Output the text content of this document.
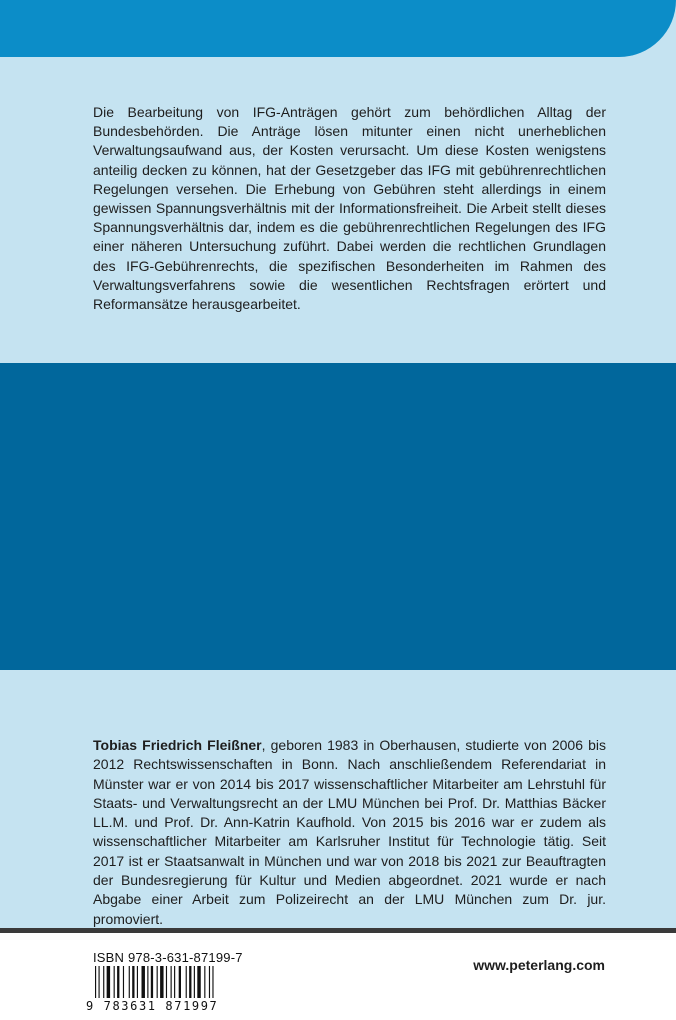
Die Bearbeitung von IFG-Anträgen gehört zum behördlichen Alltag der Bundesbehörden. Die Anträge lösen mitunter einen nicht unerheblichen Verwaltungsaufwand aus, der Kosten verursacht. Um diese Kosten wenigstens anteilig decken zu können, hat der Gesetzgeber das IFG mit gebührenrechtlichen Regelungen versehen. Die Erhebung von Gebühren steht allerdings in einem gewissen Spannungsverhältnis mit der Informationsfreiheit. Die Arbeit stellt dieses Spannungsverhältnis dar, indem es die gebührenrechtlichen Regelungen des IFG einer näheren Untersuchung zuführt. Dabei werden die rechtlichen Grundlagen des IFG-Gebührenrechts, die spezifischen Besonderheiten im Rahmen des Verwaltungsverfahrens sowie die wesentlichen Rechtsfragen erörtert und Reformansätze herausgearbeitet.

Tobias Friedrich Fleißner, geboren 1983 in Oberhausen, studierte von 2006 bis 2012 Rechtswissenschaften in Bonn. Nach anschließendem Referendariat in Münster war er von 2014 bis 2017 wissenschaftlicher Mitarbeiter am Lehrstuhl für Staats- und Verwaltungsrecht an der LMU München bei Prof. Dr. Matthias Bäcker LL.M. und Prof. Dr. Ann-Katrin Kaufhold. Von 2015 bis 2016 war er zudem als wissenschaftlicher Mitarbeiter am Karlsruher Institut für Technologie tätig. Seit 2017 ist er Staatsanwalt in München und war von 2018 bis 2021 zur Beauftragten der Bundesregierung für Kultur und Medien abgeordnet. 2021 wurde er nach Abgabe einer Arbeit zum Polizeirecht an der LMU München zum Dr. jur. promoviert.

ISBN 978-3-631-87199-7
9 783631 871997
www.peterlang.com
